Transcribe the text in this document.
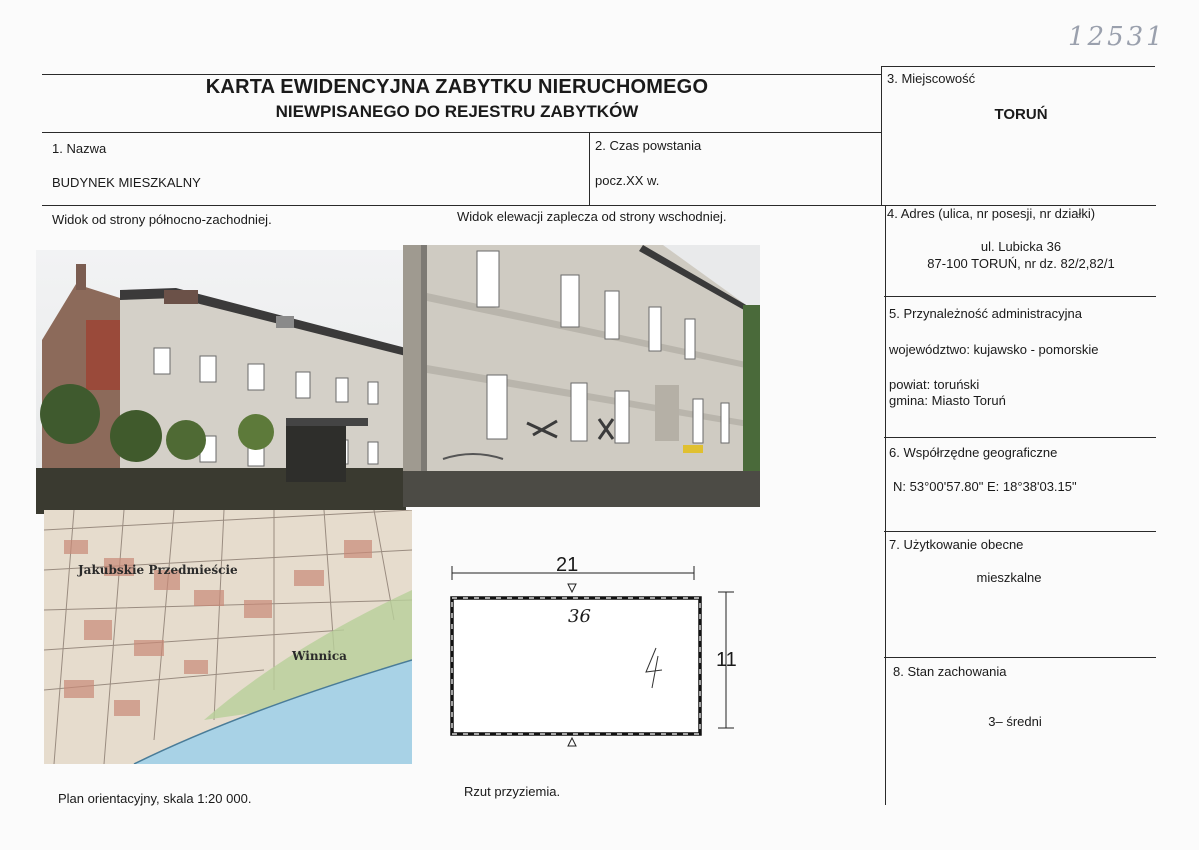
12531
KARTA EWIDENCYJNA ZABYTKU NIERUCHOMEGO
NIEWPISANEGO DO REJESTRU ZABYTKÓW
3. Miejscowość
TORUŃ
1. Nazwa
BUDYNEK MIESZKALNY
2. Czas powstania
pocz.XX w.
Widok od strony północno-zachodniej.	Widok elewacji zaplecza od strony wschodniej.	4. Adres (ulica, nr posesji, nr działki)
ul. Lubicka 36
87-100 TORUŃ, nr dz. 82/2,82/1
5. Przynależność administracyjna
województwo: kujawsko - pomorskie
powiat: toruński
gmina: Miasto Toruń
6. Współrzędne geograficzne
N: 53°00'57.80" E: 18°38'03.15"
7. Użytkowanie obecne
mieszkalne
8. Stan zachowania
3– średni
Jakubskie Przedmieście
Winnica
21
11
36
Plan orientacyjny, skala 1:20 000.	Rzut przyziemia.
